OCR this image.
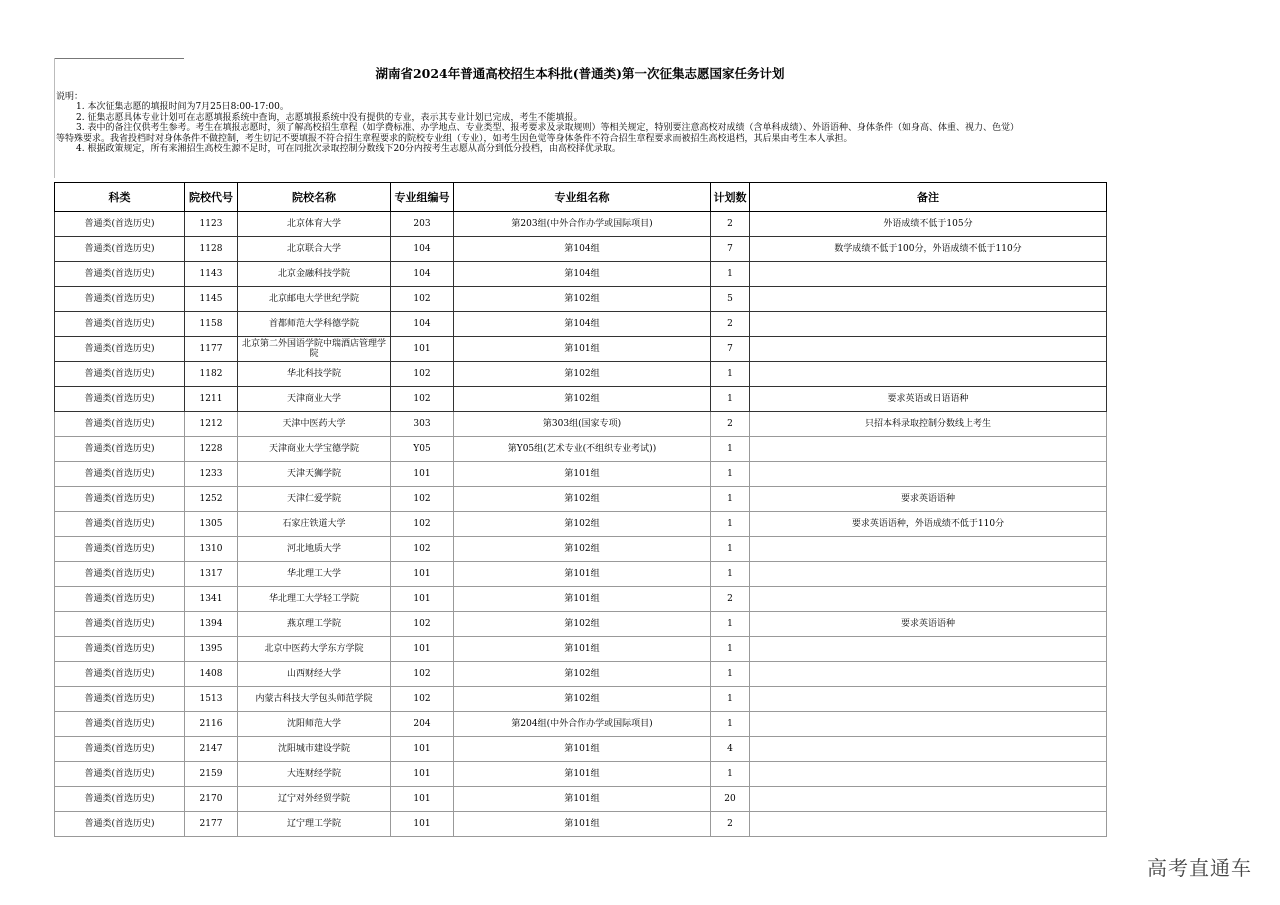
湖南省2024年普通高校招生本科批(普通类)第一次征集志愿国家任务计划
说明：
1. 本次征集志愿的填报时间为7月25日8:00-17:00。
2. 征集志愿具体专业计划可在志愿填报系统中查询，志愿填报系统中没有提供的专业，表示其专业计划已完成，考生不能填报。
3. 表中的备注仅供考生参考。考生在填报志愿时，须了解高校招生章程（如学费标准、办学地点、专业类型、报考要求及录取规则）等相关规定，特别要注意高校对成绩（含单科成绩）、外语语种、身体条件（如身高、体重、视力、色觉）
等特殊要求。我省投档时对身体条件不做控制，考生切记不要填报不符合招生章程要求的院校专业组（专业），如考生因色觉等身体条件不符合招生章程要求而被招生高校退档，其后果由考生本人承担。
4. 根据政策规定，所有来湘招生高校生源不足时，可在同批次录取控制分数线下20分内按考生志愿从高分到低分投档，由高校择优录取。
科类	院校代号	院校名称	专业组编号	专业组名称	计划数	备注
普通类(首选历史)	1123	北京体育大学	203	第203组(中外合作办学或国际项目)	2	外语成绩不低于105分
普通类(首选历史)	1128	北京联合大学	104	第104组	7	数学成绩不低于100分，外语成绩不低于110分
普通类(首选历史)	1143	北京金融科技学院	104	第104组	1	
普通类(首选历史)	1145	北京邮电大学世纪学院	102	第102组	5	
普通类(首选历史)	1158	首都师范大学科德学院	104	第104组	2	
普通类(首选历史)	1177	北京第二外国语学院中瑞酒店管理学院	101	第101组	7	
普通类(首选历史)	1182	华北科技学院	102	第102组	1	
普通类(首选历史)	1211	天津商业大学	102	第102组	1	要求英语或日语语种
普通类(首选历史)	1212	天津中医药大学	303	第303组(国家专项)	2	只招本科录取控制分数线上考生
普通类(首选历史)	1228	天津商业大学宝德学院	Y05	第Y05组(艺术专业(不组织专业考试))	1	
普通类(首选历史)	1233	天津天狮学院	101	第101组	1	
普通类(首选历史)	1252	天津仁爱学院	102	第102组	1	要求英语语种
普通类(首选历史)	1305	石家庄铁道大学	102	第102组	1	要求英语语种，外语成绩不低于110分
普通类(首选历史)	1310	河北地质大学	102	第102组	1	
普通类(首选历史)	1317	华北理工大学	101	第101组	1	
普通类(首选历史)	1341	华北理工大学轻工学院	101	第101组	2	
普通类(首选历史)	1394	燕京理工学院	102	第102组	1	要求英语语种
普通类(首选历史)	1395	北京中医药大学东方学院	101	第101组	1	
普通类(首选历史)	1408	山西财经大学	102	第102组	1	
普通类(首选历史)	1513	内蒙古科技大学包头师范学院	102	第102组	1	
普通类(首选历史)	2116	沈阳师范大学	204	第204组(中外合作办学或国际项目)	1	
普通类(首选历史)	2147	沈阳城市建设学院	101	第101组	4	
普通类(首选历史)	2159	大连财经学院	101	第101组	1	
普通类(首选历史)	2170	辽宁对外经贸学院	101	第101组	20	
普通类(首选历史)	2177	辽宁理工学院	101	第101组	2	
高考直通车
